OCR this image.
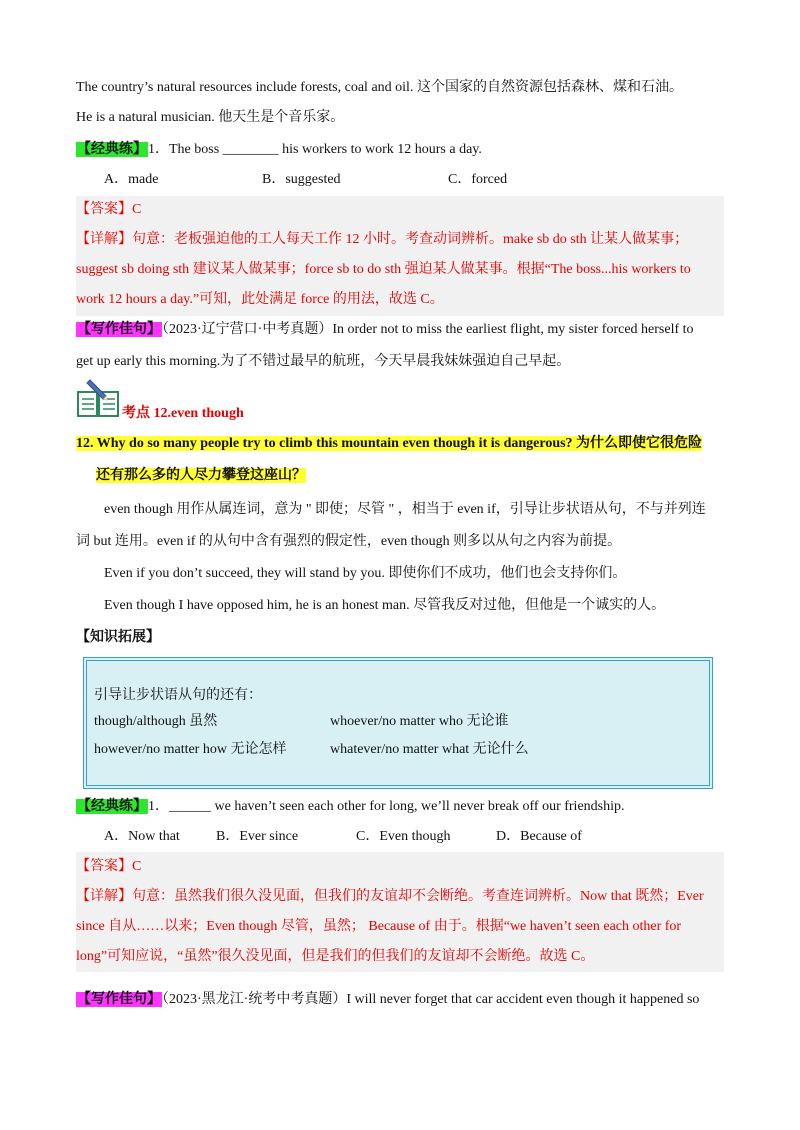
The country’s natural resources include forests, coal and oil. 这个国家的自然资源包括森林、煤和石油。
He is a natural musician. 他天生是个音乐家。
【经典练】1．The boss ________ his workers to work 12 hours a day.
A．made	B．suggested	C．forced
【答案】C
【详解】句意：老板强迫他的工人每天工作 12 小时。考查动词辨析。make sb do sth 让某人做某事；
suggest sb doing sth 建议某人做某事；force sb to do sth 强迫某人做某事。根据“The boss...his workers to
work 12 hours a day.”可知，此处满足 force 的用法，故选 C。
【写作佳句】（2023·辽宁营口·中考真题）In order not to miss the earliest flight, my sister forced herself to
get up early this morning.为了不错过最早的航班，今天早晨我妹妹强迫自己早起。
考点 12.even though
12. Why do so many people try to climb this mountain even though it is dangerous? 为什么即使它很危险
还有那么多的人尽力攀登这座山？
even though 用作从属连词，意为 " 即使；尽管 " ，相当于 even if，引导让步状语从句，不与并列连
词 but 连用。even if 的从句中含有强烈的假定性，even though 则多以从句之内容为前提。
Even if you don’t succeed, they will stand by you. 即使你们不成功，他们也会支持你们。
Even though I have opposed him, he is an honest man. 尽管我反对过他，但他是一个诚实的人。
【知识拓展】
引导让步状语从句的还有：
though/although 虽然	whoever/no matter who 无论谁
however/no matter how 无论怎样	whatever/no matter what 无论什么
【经典练】1．______ we haven’t seen each other for long, we’ll never break off our friendship.
A．Now that	B．Ever since	C．Even though	D．Because of
【答案】C
【详解】句意：虽然我们很久没见面，但我们的友谊却不会断绝。考查连词辨析。Now that 既然；Ever
since 自从……以来；Even though 尽管，虽然； Because of 由于。根据“we haven’t seen each other for
long”可知应说，“虽然”很久没见面，但是我们的但我们的友谊却不会断绝。故选 C。
【写作佳句】（2023·黑龙江·统考中考真题）I will never forget that car accident even though it happened so
